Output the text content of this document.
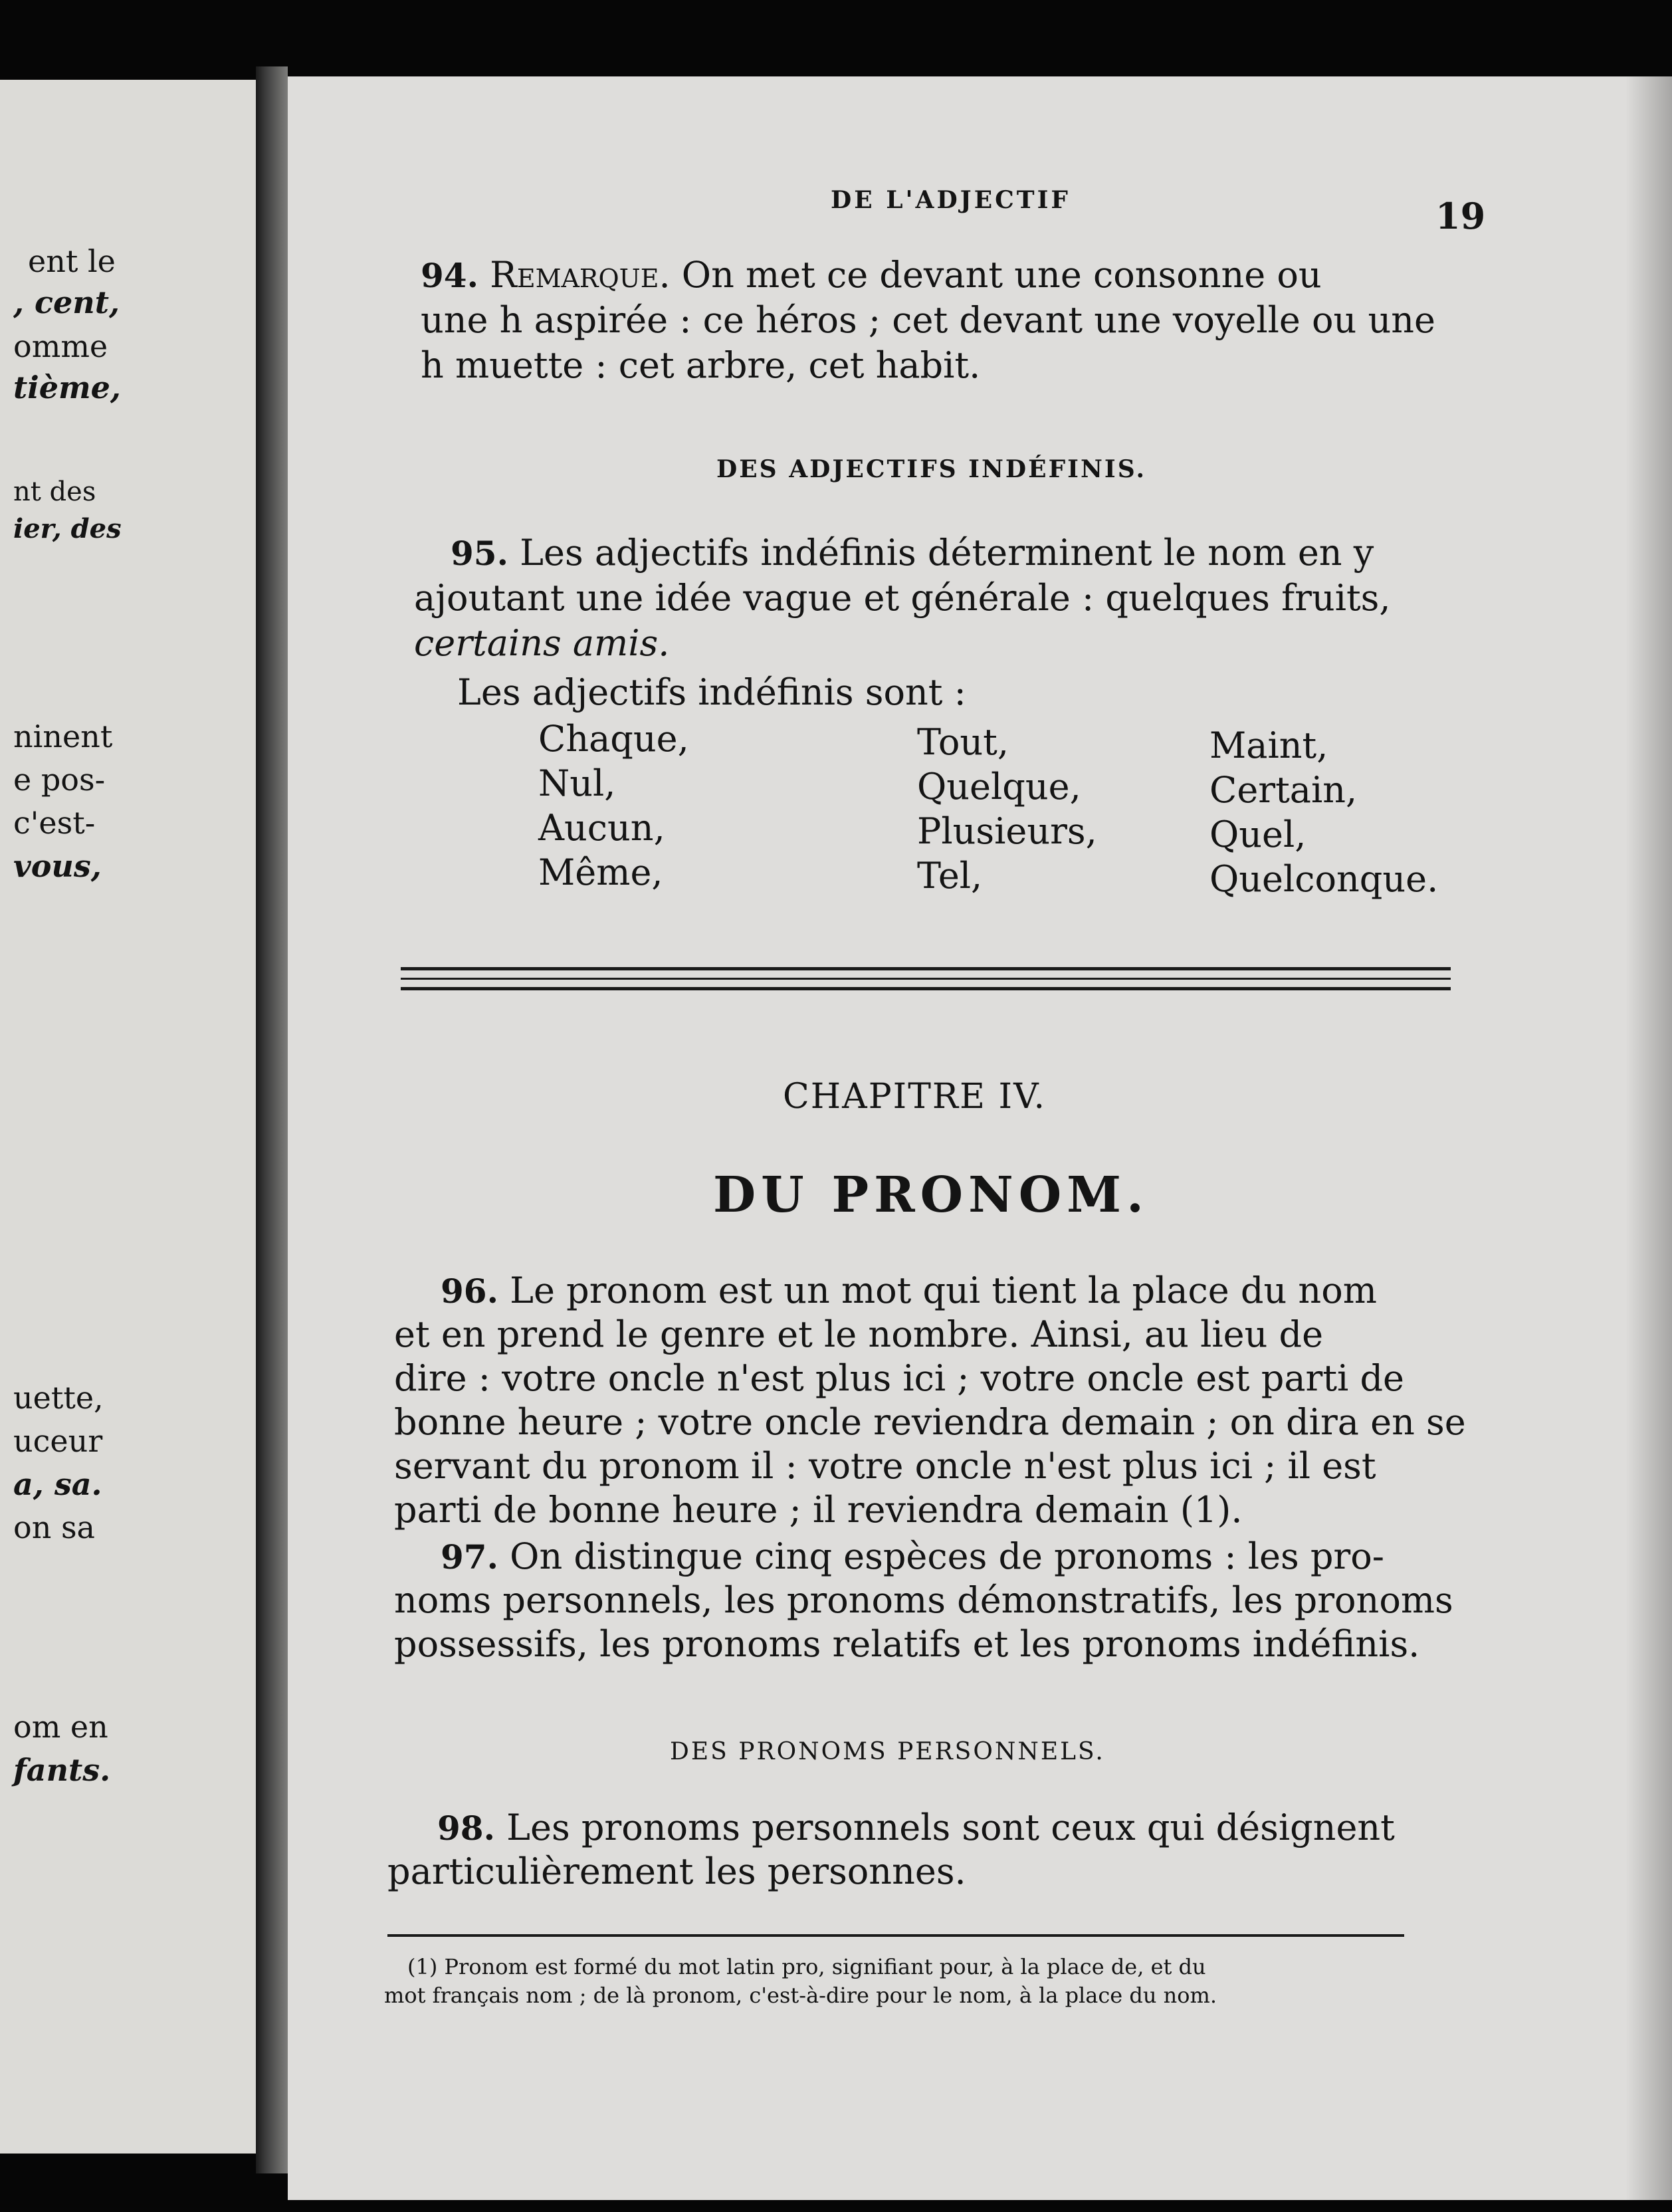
ent le
, cent,
omme
tième,
nt des
ier, des
ninent
e pos-
c'est-
vous,
uette,
uceur
a, sa.
on sa
om en
fants.
DE L'ADJECTIF	19
94. Remarque. On met ce devant une consonne ou
une h aspirée : ce héros ; cet devant une voyelle ou une
h muette : cet arbre, cet habit.
DES ADJECTIFS INDÉFINIS.
95. Les adjectifs indéfinis déterminent le nom en y
ajoutant une idée vague et générale : quelques fruits,
certains amis.
Les adjectifs indéfinis sont :
Chaque,
Nul,
Aucun,
Même,
Tout,
Quelque,
Plusieurs,
Tel,
Maint,
Certain,
Quel,
Quelconque.
CHAPITRE IV.
DU PRONOM.
96. Le pronom est un mot qui tient la place du nom
et en prend le genre et le nombre. Ainsi, au lieu de
dire : votre oncle n'est plus ici ; votre oncle est parti de
bonne heure ; votre oncle reviendra demain ; on dira en se
servant du pronom il : votre oncle n'est plus ici ; il est
parti de bonne heure ; il reviendra demain (1).
97. On distingue cinq espèces de pronoms : les pro-
noms personnels, les pronoms démonstratifs, les pronoms
possessifs, les pronoms relatifs et les pronoms indéfinis.
DES PRONOMS PERSONNELS.
98. Les pronoms personnels sont ceux qui désignent
particulièrement les personnes.
(1) Pronom est formé du mot latin pro, signifiant pour, à la place de, et du
mot français nom ; de là pronom, c'est-à-dire pour le nom, à la place du nom.
